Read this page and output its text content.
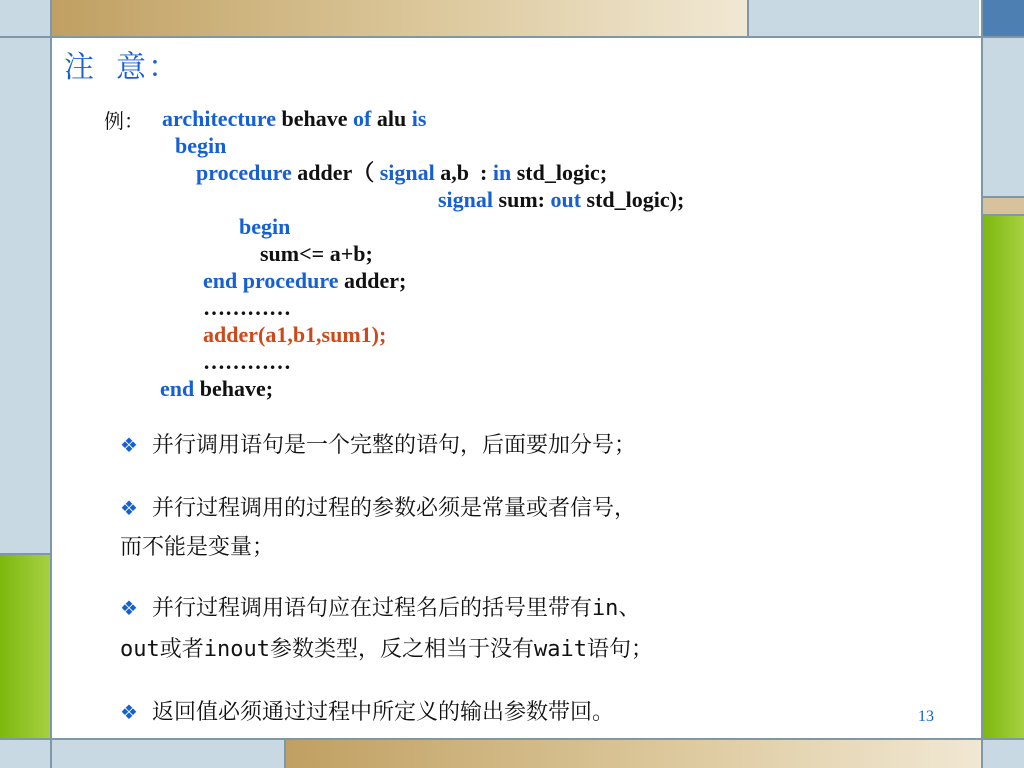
注 意：
例： architecture behave of alu is
begin
procedure adder（ signal a,b  : in std_logic;
signal sum: out std_logic);
begin
sum<= a+b;
end procedure adder;
…………
adder(a1,b1,sum1);
…………
end behave;
❖ 并行调用语句是一个完整的语句，后面要加分号；
❖ 并行过程调用的过程的参数必须是常量或者信号，
而不能是变量；
❖ 并行过程调用语句应在过程名后的括号里带有in、
out或者inout参数类型，反之相当于没有wait语句；
❖ 返回值必须通过过程中所定义的输出参数带回。	13
